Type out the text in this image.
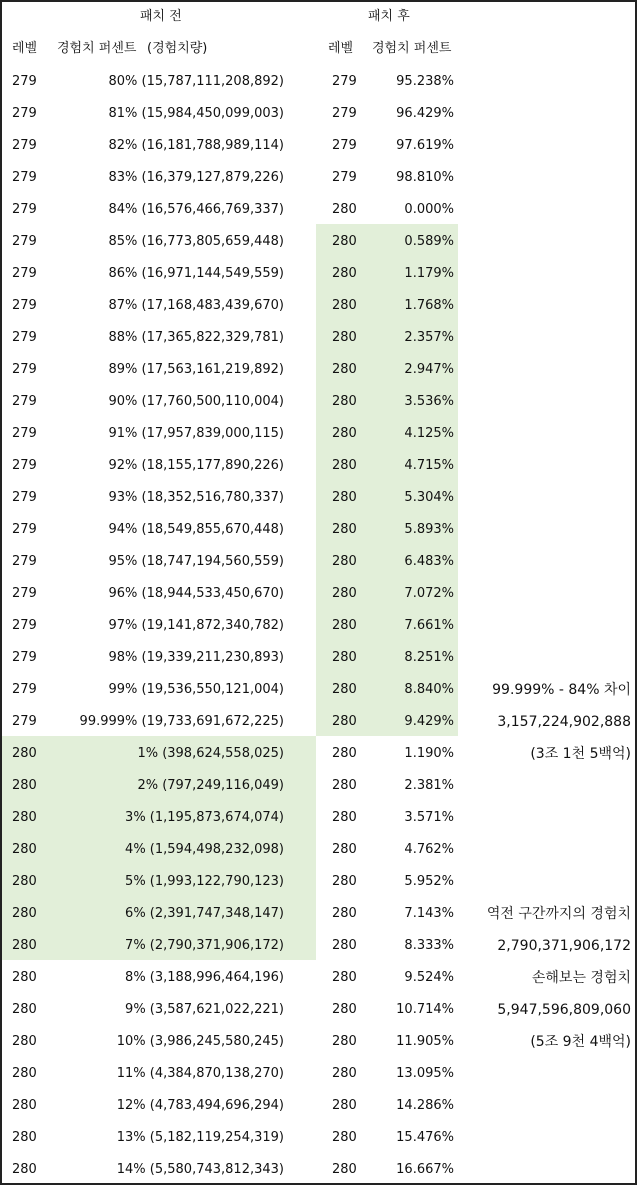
패치 전	패치 후
레벨 경험치 퍼센트 (경험치량)	레벨 경험치 퍼센트
279	80% (15,787,111,208,892)	279	95.238%
279	81% (15,984,450,099,003)	279	96.429%
279	82% (16,181,788,989,114)	279	97.619%
279	83% (16,379,127,879,226)	279	98.810%
279	84% (16,576,466,769,337)	280	0.000%
279	85% (16,773,805,659,448)	280	0.589%
279	86% (16,971,144,549,559)	280	1.179%
279	87% (17,168,483,439,670)	280	1.768%
279	88% (17,365,822,329,781)	280	2.357%
279	89% (17,563,161,219,892)	280	2.947%
279	90% (17,760,500,110,004)	280	3.536%
279	91% (17,957,839,000,115)	280	4.125%
279	92% (18,155,177,890,226)	280	4.715%
279	93% (18,352,516,780,337)	280	5.304%
279	94% (18,549,855,670,448)	280	5.893%
279	95% (18,747,194,560,559)	280	6.483%
279	96% (18,944,533,450,670)	280	7.072%
279	97% (19,141,872,340,782)	280	7.661%
279	98% (19,339,211,230,893)	280	8.251%
279	99% (19,536,550,121,004)	280	8.840%	99.999% - 84% 차이
279	99.999% (19,733,691,672,225)	280	9.429%	3,157,224,902,888
280	1% (398,624,558,025)	280	1.190%	(3조 1천 5백억)
280	2% (797,249,116,049)	280	2.381%
280	3% (1,195,873,674,074)	280	3.571%
280	4% (1,594,498,232,098)	280	4.762%
280	5% (1,993,122,790,123)	280	5.952%
280	6% (2,391,747,348,147)	280	7.143% 역전 구간까지의 경험치
280	7% (2,790,371,906,172)	280	8.333%	2,790,371,906,172
280	8% (3,188,996,464,196)	280	9.524%	손해보는 경험치
280	9% (3,587,621,022,221)	280	10.714%	5,947,596,809,060
280	10% (3,986,245,580,245)	280	11.905%	(5조 9천 4백억)
280	11% (4,384,870,138,270)	280	13.095%
280	12% (4,783,494,696,294)	280	14.286%
280	13% (5,182,119,254,319)	280	15.476%
280	14% (5,580,743,812,343)	280	16.667%
